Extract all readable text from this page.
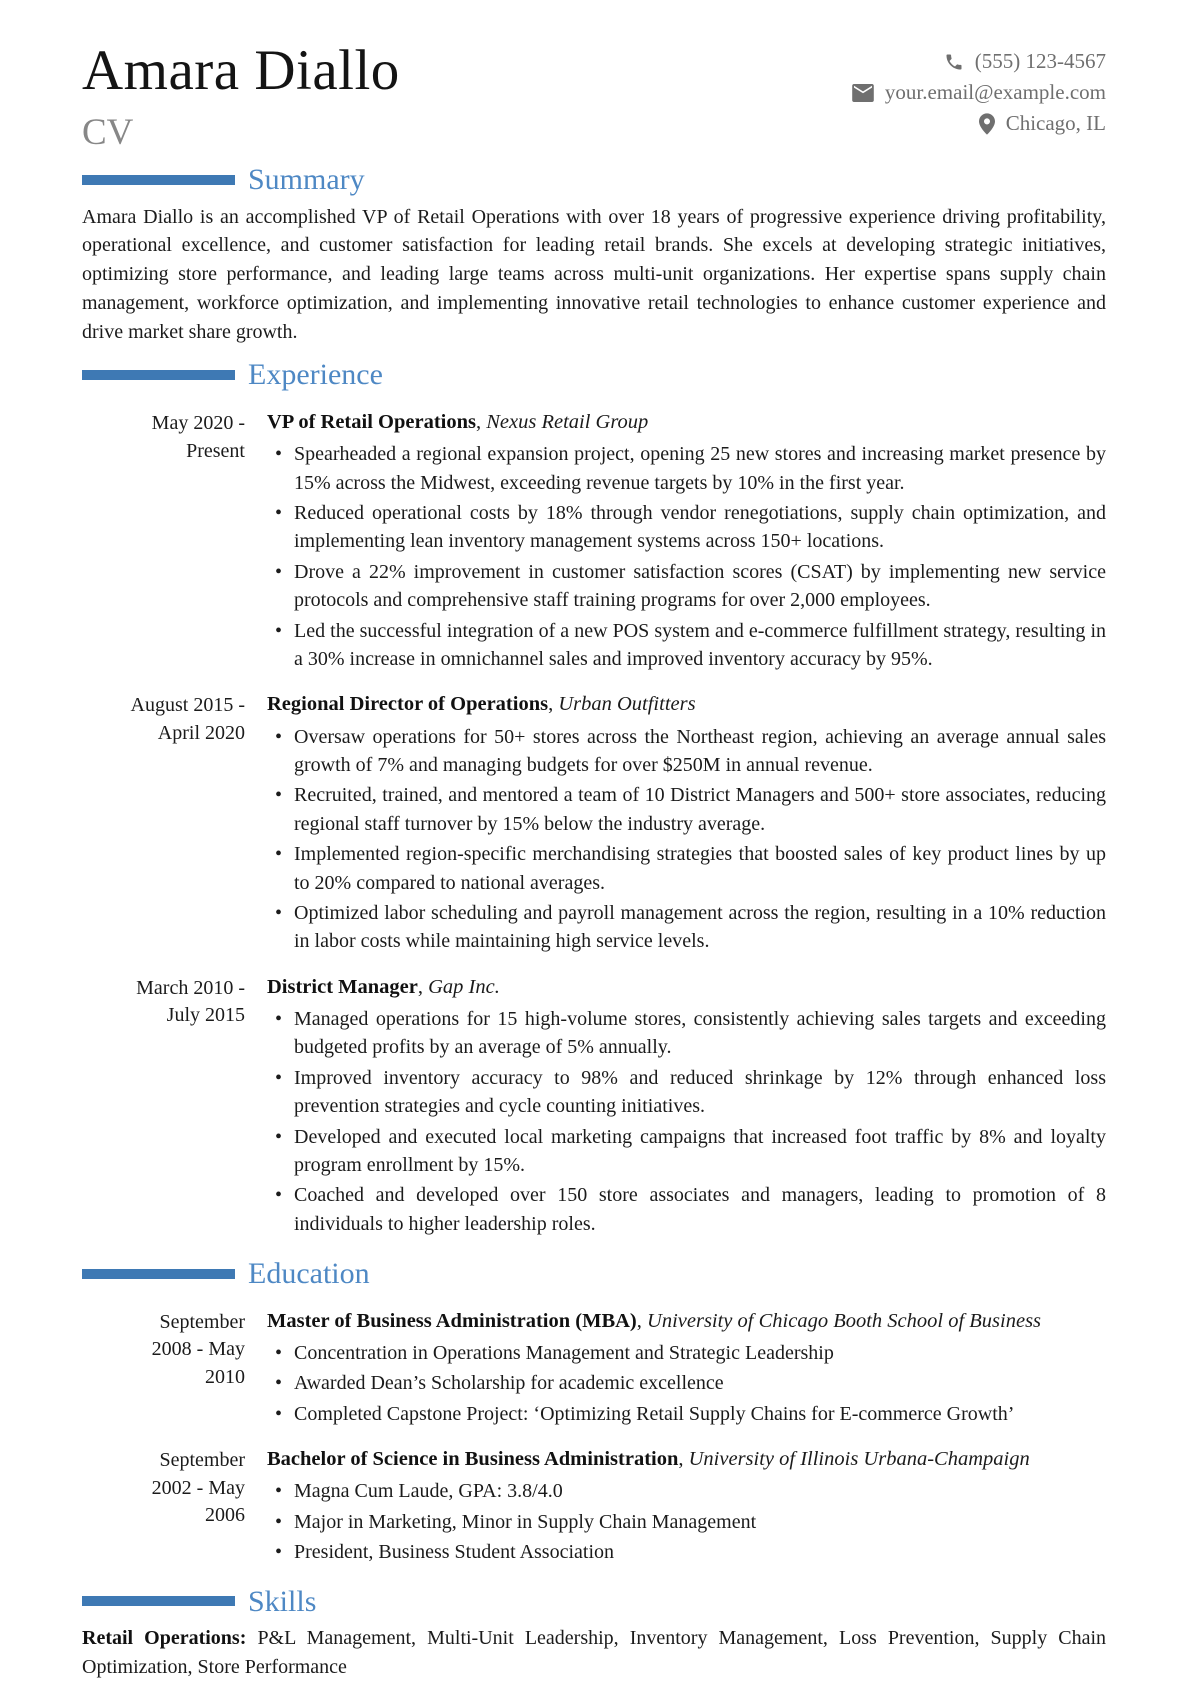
Amara Diallo
CV
(555) 123-4567
your.email@example.com
Chicago, IL
Summary
Amara Diallo is an accomplished VP of Retail Operations with over 18 years of progressive experience driving profitability, operational excellence, and customer satisfaction for leading retail brands. She excels at developing strategic initiatives, optimizing store performance, and leading large teams across multi-unit organizations. Her expertise spans supply chain management, workforce optimization, and implementing innovative retail technologies to enhance customer experience and drive market share growth.
Experience
May 2020 -
Present
VP of Retail Operations, Nexus Retail Group
• Spearheaded a regional expansion project, opening 25 new stores and increasing market presence by 15% across the Midwest, exceeding revenue targets by 10% in the first year.
• Reduced operational costs by 18% through vendor renegotiations, supply chain optimization, and implementing lean inventory management systems across 150+ locations.
• Drove a 22% improvement in customer satisfaction scores (CSAT) by implementing new service protocols and comprehensive staff training programs for over 2,000 employees.
• Led the successful integration of a new POS system and e-commerce fulfillment strategy, resulting in a 30% increase in omnichannel sales and improved inventory accuracy by 95%.
August 2015 -
April 2020
Regional Director of Operations, Urban Outfitters
• Oversaw operations for 50+ stores across the Northeast region, achieving an average annual sales growth of 7% and managing budgets for over $250M in annual revenue.
• Recruited, trained, and mentored a team of 10 District Managers and 500+ store associates, reducing regional staff turnover by 15% below the industry average.
• Implemented region-specific merchandising strategies that boosted sales of key product lines by up to 20% compared to national averages.
• Optimized labor scheduling and payroll management across the region, resulting in a 10% reduction in labor costs while maintaining high service levels.
March 2010 -
July 2015
District Manager, Gap Inc.
• Managed operations for 15 high-volume stores, consistently achieving sales targets and exceeding budgeted profits by an average of 5% annually.
• Improved inventory accuracy to 98% and reduced shrinkage by 12% through enhanced loss prevention strategies and cycle counting initiatives.
• Developed and executed local marketing campaigns that increased foot traffic by 8% and loyalty program enrollment by 15%.
• Coached and developed over 150 store associates and managers, leading to promotion of 8 individuals to higher leadership roles.
Education
September
2008 - May
2010
Master of Business Administration (MBA), University of Chicago Booth School of Business
• Concentration in Operations Management and Strategic Leadership
• Awarded Dean’s Scholarship for academic excellence
• Completed Capstone Project: ‘Optimizing Retail Supply Chains for E-commerce Growth’
September
2002 - May
2006
Bachelor of Science in Business Administration, University of Illinois Urbana-Champaign
• Magna Cum Laude, GPA: 3.8/4.0
• Major in Marketing, Minor in Supply Chain Management
• President, Business Student Association
Skills
Retail Operations: P&L Management, Multi-Unit Leadership, Inventory Management, Loss Prevention, Supply Chain Optimization, Store Performance
